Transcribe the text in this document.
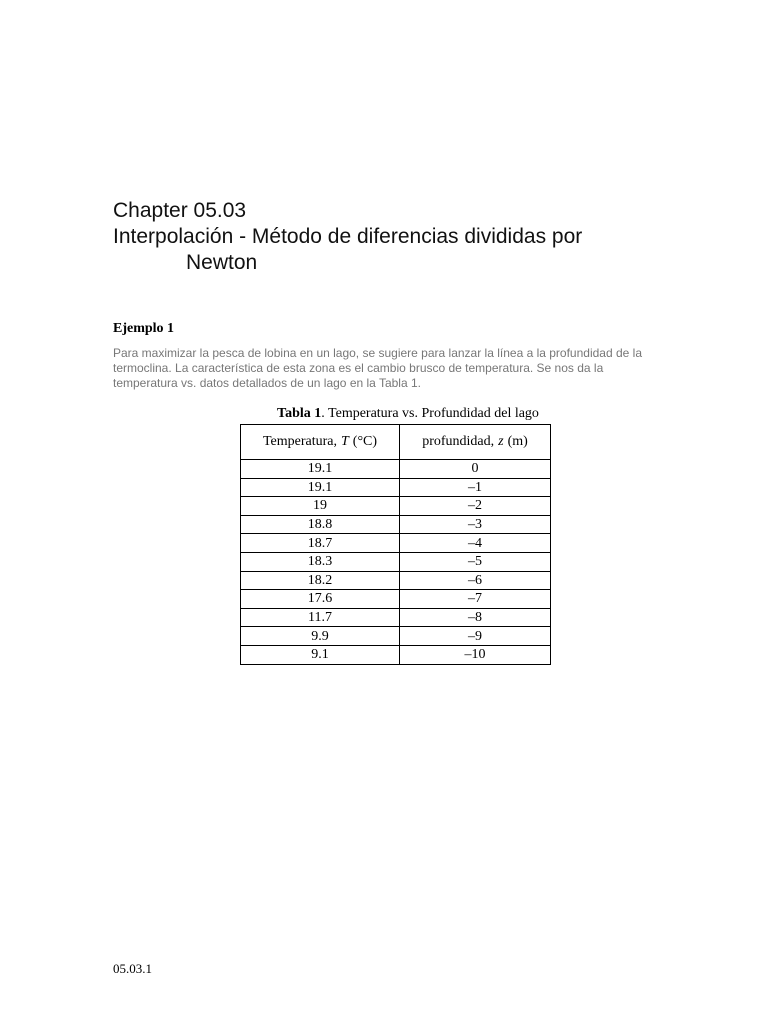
Chapter 05.03
Interpolación - Método de diferencias divididas por
Newton
Ejemplo 1
Para maximizar la pesca de lobina en un lago, se sugiere para lanzar la línea a la profundidad de la
termoclina. La característica de esta zona es el cambio brusco de temperatura. Se nos da la
temperatura vs. datos detallados de un lago en la Tabla 1.
Tabla 1. Temperatura vs. Profundidad del lago
Temperatura, T (°C)	profundidad, z (m)
19.1	0
19.1	–1
19	–2
18.8	–3
18.7	–4
18.3	–5
18.2	–6
17.6	–7
11.7	–8
9.9	–9
9.1	–10
05.03.1
